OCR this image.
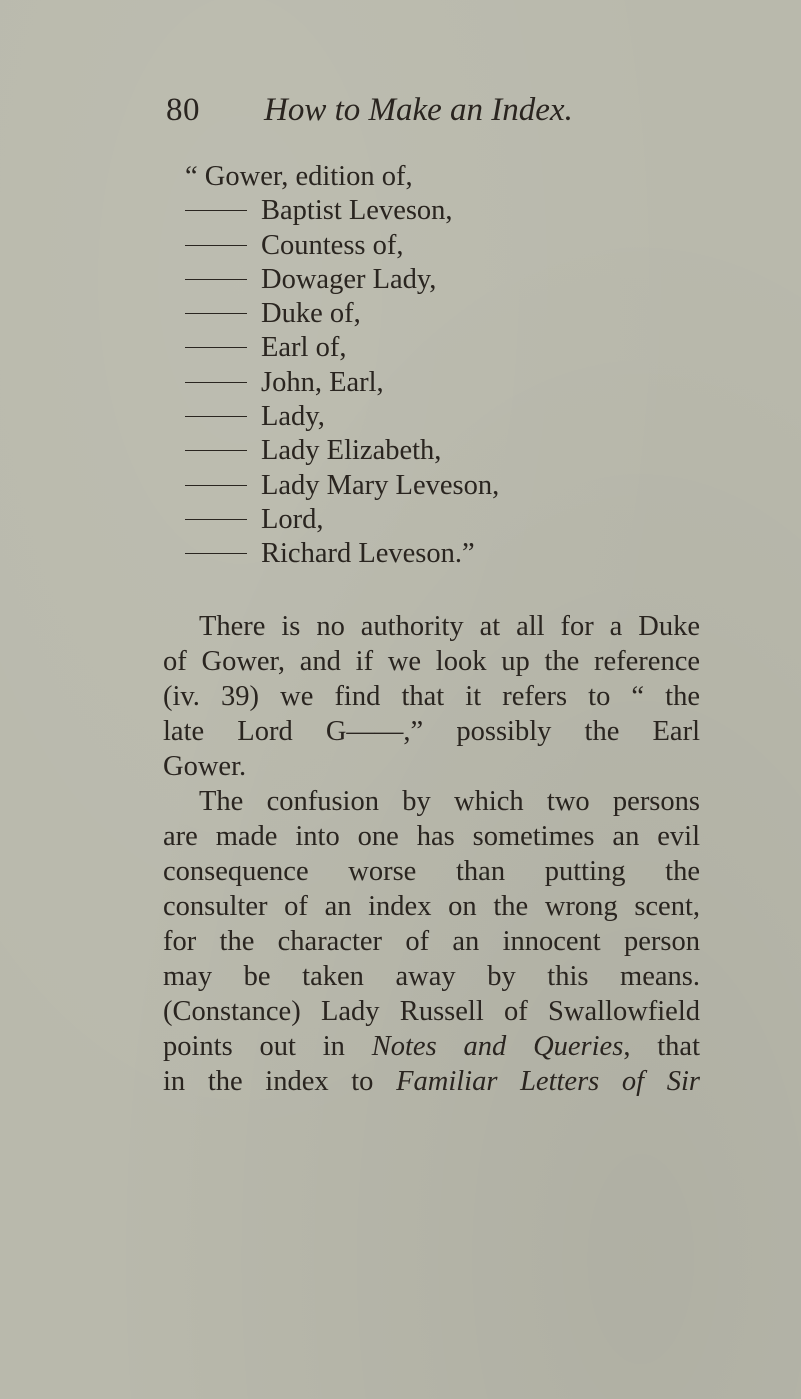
80 How to Make an Index.
“ Gower, edition of,
Baptist Leveson,
Countess of,
Dowager Lady,
Duke of,
Earl of,
John, Earl,
Lady,
Lady Elizabeth,
Lady Mary Leveson,
Lord,
Richard Leveson.”

There is no authority at all for a Duke
of Gower, and if we look up the reference
(iv. 39) we find that it refers to “ the
late Lord G——,” possibly the Earl
Gower.

The confusion by which two persons
are made into one has sometimes an evil
consequence worse than putting the
consulter of an index on the wrong scent,
for the character of an innocent person
may be taken away by this means.
(Constance) Lady Russell of Swallowfield
points out in Notes and Queries, that
in the index to Familiar Letters of Sir
